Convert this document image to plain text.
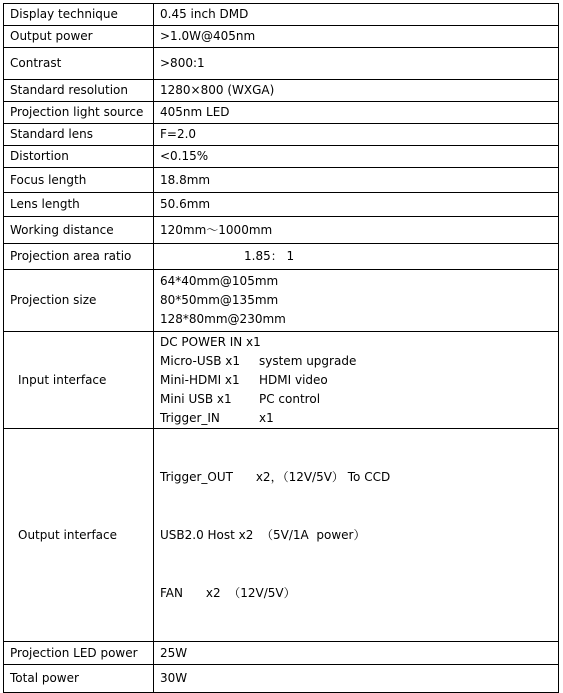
Display technique	0.45 inch DMD
Output power	>1.0W@405nm
Contrast	>800:1
Standard resolution	1280×800 (WXGA)
Projection light source	405nm LED
Standard lens	F=2.0
Distortion	<0.15%
Focus length	18.8mm
Lens length	50.6mm
Working distance	120mm～1000mm
Projection area ratio	1.85： 1
Projection size	64*40mm@105mm
80*50mm@135mm
128*80mm@230mm

Input interface	DC POWER IN x1
Micro-USB x1 system upgrade
Mini-HDMI x1 HDMI video
Mini USB x1 PC control
Trigger_IN x1

Output interface	Trigger_OUT      x2，（12V/5V） To CCD

USB2.0 Host x2  （5V/1A  power）

FAN      x2  （12V/5V）

Projection LED power	25W
Total power	30W
